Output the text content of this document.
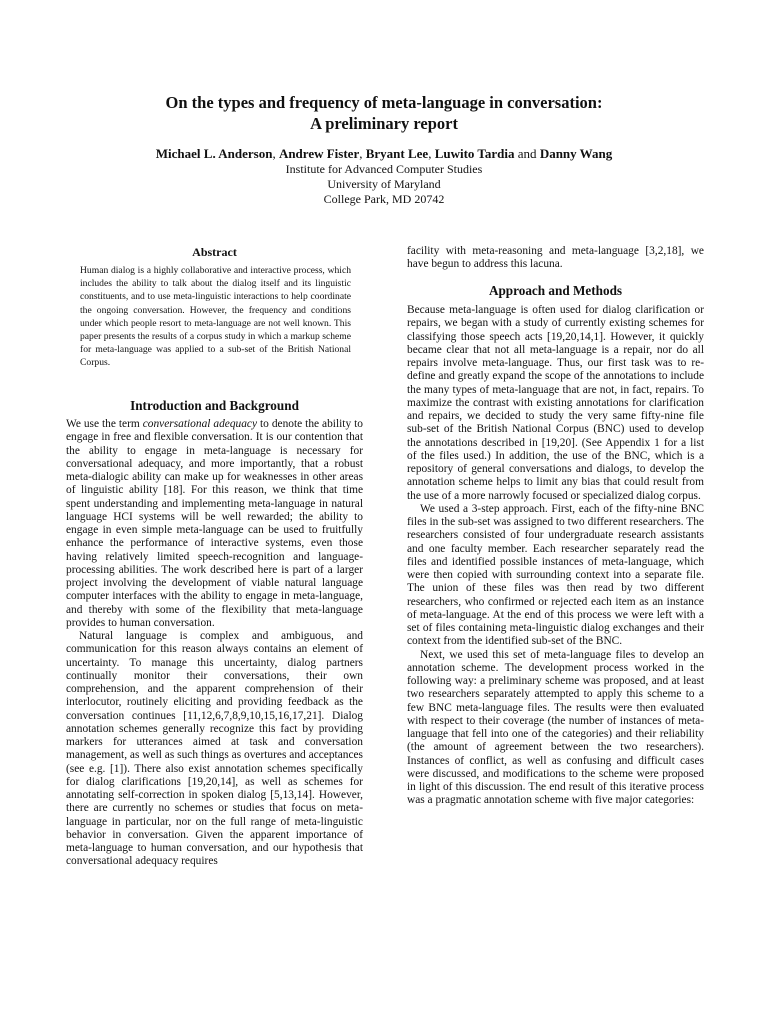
On the types and frequency of meta-language in conversation:
A preliminary report
Michael L. Anderson, Andrew Fister, Bryant Lee, Luwito Tardia and Danny Wang
Institute for Advanced Computer Studies
University of Maryland
College Park, MD 20742
Abstract
Human dialog is a highly collaborative and interactive process, which includes the ability to talk about the dialog itself and its linguistic constituents, and to use meta-linguistic interactions to help coordinate the ongoing conversation. However, the frequency and conditions under which people resort to meta-language are not well known. This paper presents the results of a corpus study in which a markup scheme for meta-language was applied to a sub-set of the British National Corpus.
Introduction and Background

We use the term conversational adequacy to denote the ability to engage in free and flexible conversation. It is our contention that the ability to engage in meta-language is necessary for conversational adequacy, and more importantly, that a robust meta-dialogic ability can make up for weaknesses in other areas of linguistic ability [18]. For this reason, we think that time spent understanding and implementing meta-language in natural language HCI systems will be well rewarded; the ability to engage in even simple meta-language can be used to fruitfully enhance the performance of interactive systems, even those having relatively limited speech-recognition and language-processing abilities. The work described here is part of a larger project involving the development of viable natural language computer interfaces with the ability to engage in meta-language, and thereby with some of the flexibility that meta-language provides to human conversation.

Natural language is complex and ambiguous, and communication for this reason always contains an element of uncertainty. To manage this uncertainty, dialog partners continually monitor their conversations, their own comprehension, and the apparent comprehension of their interlocutor, routinely eliciting and providing feedback as the conversation continues [11,12,6,7,8,9,10,15,16,17,21]. Dialog annotation schemes generally recognize this fact by providing markers for utterances aimed at task and conversation management, as well as such things as overtures and acceptances (see e.g. [1]). There also exist annotation schemes specifically for dialog clarifications [19,20,14], as well as schemes for annotating self-correction in spoken dialog [5,13,14]. However, there are currently no schemes or studies that focus on meta-language in particular, nor on the full range of meta-linguistic behavior in conversation. Given the apparent importance of meta-language to human conversation, and our hypothesis that conversational adequacy requires

facility with meta-reasoning and meta-language [3,2,18], we have begun to address this lacuna.

Approach and Methods

Because meta-language is often used for dialog clarification or repairs, we began with a study of currently existing schemes for classifying those speech acts [19,20,14,1]. However, it quickly became clear that not all meta-language is a repair, nor do all repairs involve meta-language. Thus, our first task was to re-define and greatly expand the scope of the annotations to include the many types of meta-language that are not, in fact, repairs. To maximize the contrast with existing annotations for clarification and repairs, we decided to study the very same fifty-nine file sub-set of the British National Corpus (BNC) used to develop the annotations described in [19,20]. (See Appendix 1 for a list of the files used.) In addition, the use of the BNC, which is a repository of general conversations and dialogs, to develop the annotation scheme helps to limit any bias that could result from the use of a more narrowly focused or specialized dialog corpus.

We used a 3-step approach. First, each of the fifty-nine BNC files in the sub-set was assigned to two different researchers. The researchers consisted of four undergraduate research assistants and one faculty member. Each researcher separately read the files and identified possible instances of meta-language, which were then copied with surrounding context into a separate file. The union of these files was then read by two different researchers, who confirmed or rejected each item as an instance of meta-language. At the end of this process we were left with a set of files containing meta-linguistic dialog exchanges and their context from the identified sub-set of the BNC.

Next, we used this set of meta-language files to develop an annotation scheme. The development process worked in the following way: a preliminary scheme was proposed, and at least two researchers separately attempted to apply this scheme to a few BNC meta-language files. The results were then evaluated with respect to their coverage (the number of instances of meta-language that fell into one of the categories) and their reliability (the amount of agreement between the two researchers). Instances of conflict, as well as confusing and difficult cases were discussed, and modifications to the scheme were proposed in light of this discussion. The end result of this iterative process was a pragmatic annotation scheme with five major categories:
